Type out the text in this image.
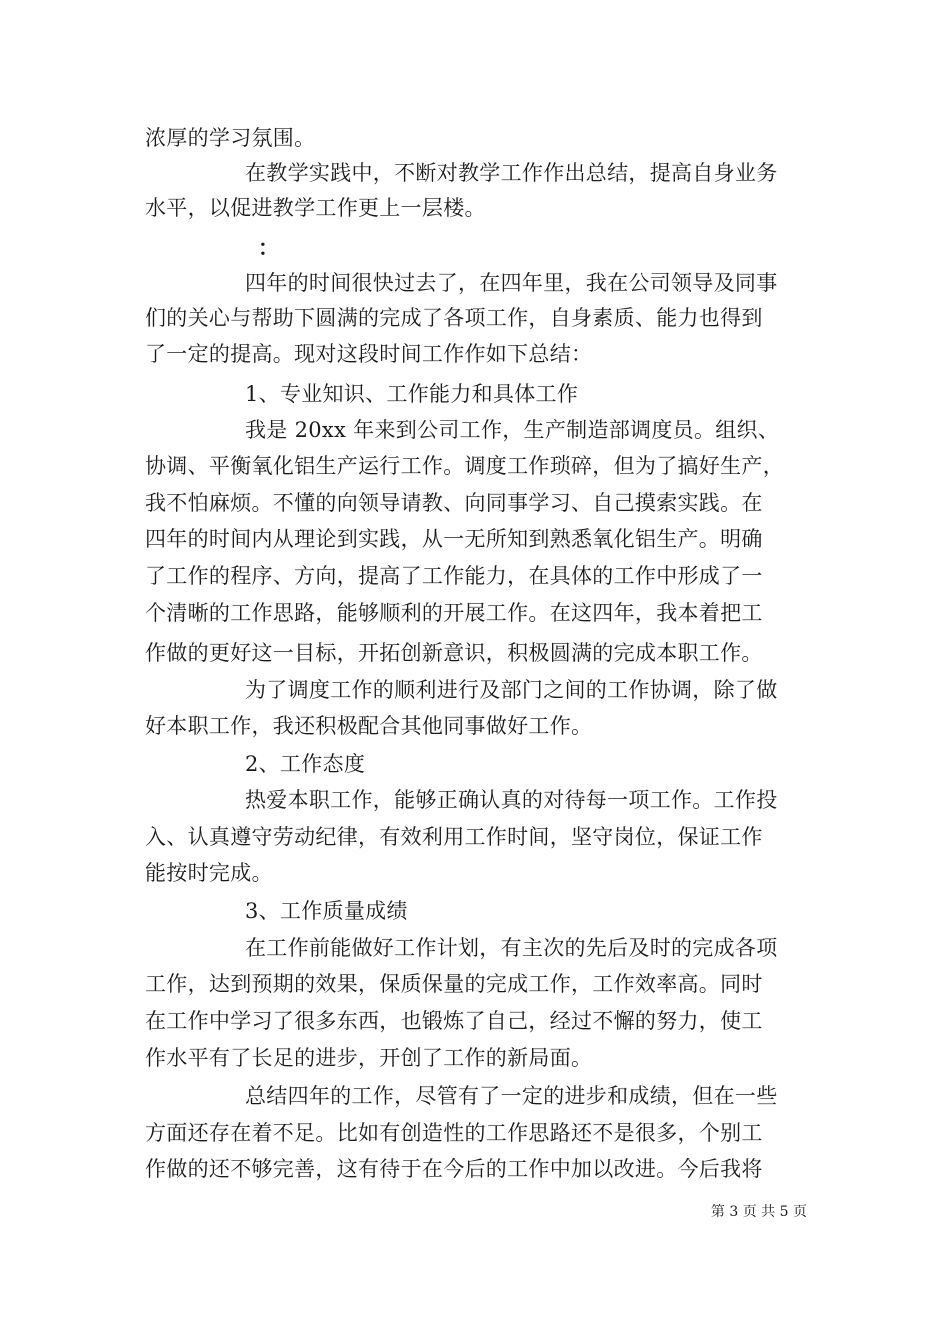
浓厚的学习氛围。
在教学实践中，不断对教学工作作出总结，提高自身业务
水平，以促进教学工作更上一层楼。
：
四年的时间很快过去了，在四年里，我在公司领导及同事
们的关心与帮助下圆满的完成了各项工作，自身素质、能力也得到
了一定的提高。现对这段时间工作作如下总结：
1、专业知识、工作能力和具体工作
我是 20xx 年来到公司工作，生产制造部调度员。组织、
协调、平衡氧化铝生产运行工作。调度工作琐碎，但为了搞好生产，
我不怕麻烦。不懂的向领导请教、向同事学习、自己摸索实践。在
四年的时间内从理论到实践，从一无所知到熟悉氧化铝生产。明确
了工作的程序、方向，提高了工作能力，在具体的工作中形成了一
个清晰的工作思路，能够顺利的开展工作。在这四年，我本着把工
作做的更好这一目标，开拓创新意识，积极圆满的完成本职工作。
为了调度工作的顺利进行及部门之间的工作协调，除了做
好本职工作，我还积极配合其他同事做好工作。
2、工作态度
热爱本职工作，能够正确认真的对待每一项工作。工作投
入、认真遵守劳动纪律，有效利用工作时间，坚守岗位，保证工作
能按时完成。
3、工作质量成绩
在工作前能做好工作计划，有主次的先后及时的完成各项
工作，达到预期的效果，保质保量的完成工作，工作效率高。同时
在工作中学习了很多东西，也锻炼了自己，经过不懈的努力，使工
作水平有了长足的进步，开创了工作的新局面。
总结四年的工作，尽管有了一定的进步和成绩，但在一些
方面还存在着不足。比如有创造性的工作思路还不是很多，个别工
作做的还不够完善，这有待于在今后的工作中加以改进。今后我将
第 3 页 共 5 页
